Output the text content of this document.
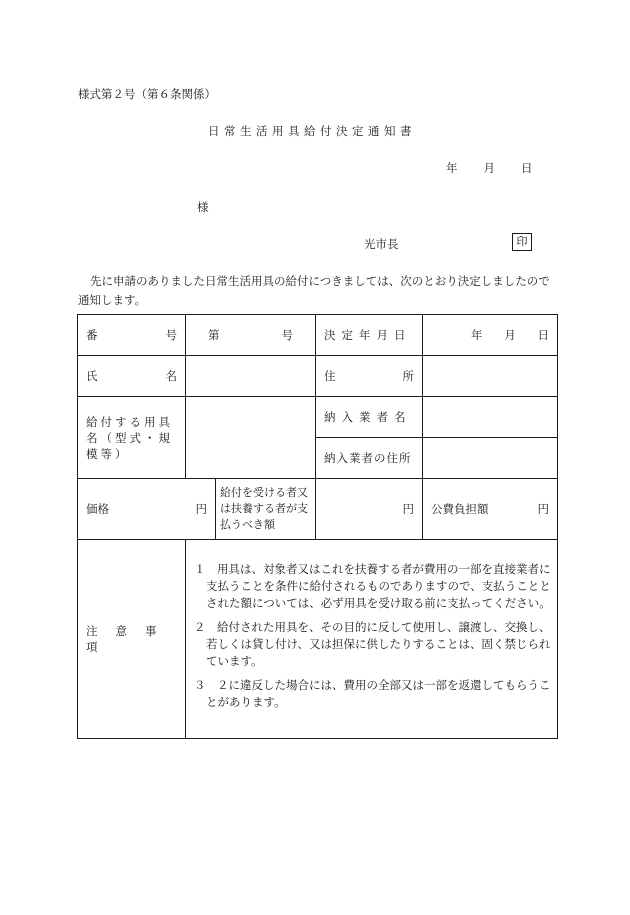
様式第２号（第６条関係）
日常生活用具給付決定通知書
年 月 日
様
光市長	印
先に申請のありました日常生活用具の給付につきましては、次のとおり決定しましたので通知します。
番 号	第 号		決定年月日	年 月 日

氏 名			住 所	

給付する用具名（型式・規模等）			納入業者名	
			納入業者の住所	

価格 円		給付を受ける者又は扶養する者が支払うべき額	円	公費負担額 円

注意事項	１　用具は、対象者又はこれを扶養する者が費用の一部を直接業者に支払うことを条件に給付されるものでありますので、支払うこととされた額については、必ず用具を受け取る前に支払ってください。
２　給付された用具を、その目的に反して使用し、譲渡し、交換し、若しくは貸し付け、又は担保に供したりすることは、固く禁じられています。
３　２に違反した場合には、費用の全部又は一部を返還してもらうことがあります。			
